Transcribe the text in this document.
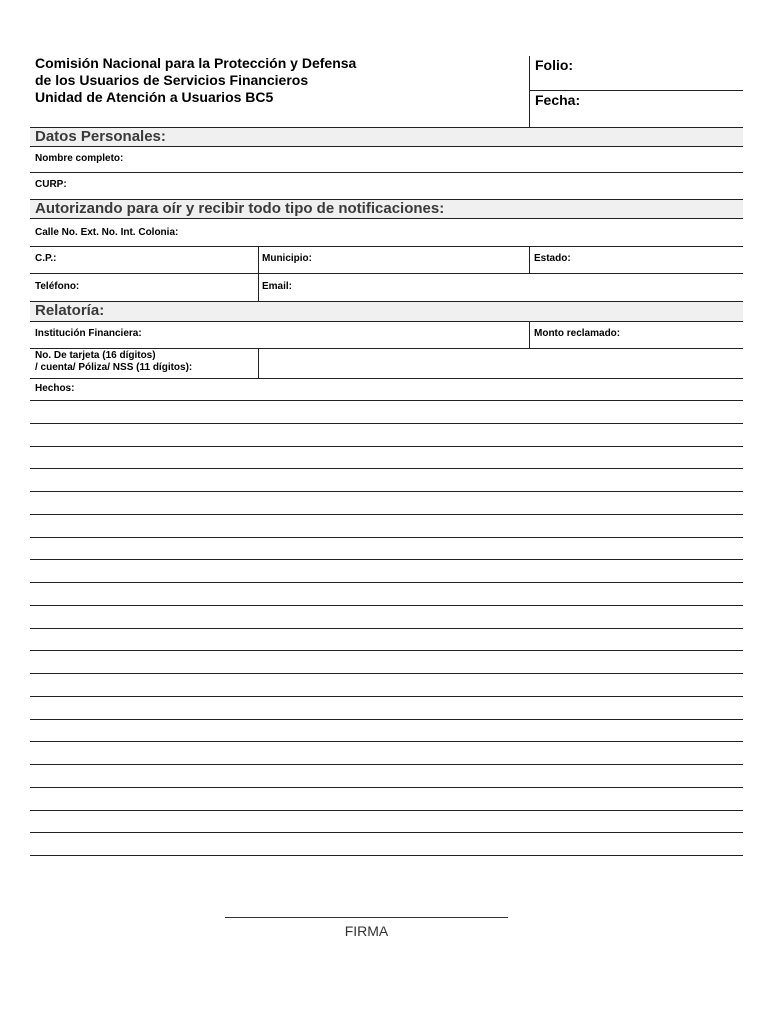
Comisión Nacional para la Protección y Defensa
de los Usuarios de Servicios Financieros
Unidad de Atención a Usuarios BC5
Folio:
Fecha:
Datos Personales:
Nombre completo:
CURP:
Autorizando para oír y recibir todo tipo de notificaciones:
Calle No. Ext. No. Int. Colonia:
C.P.:	Municipio:	Estado:
Teléfono:	Email:
Relatoría:
Institución Financiera:	Monto reclamado:
No. De tarjeta (16 dígitos)
/ cuenta/ Póliza/ NSS (11 dígitos):
Hechos:
FIRMA
